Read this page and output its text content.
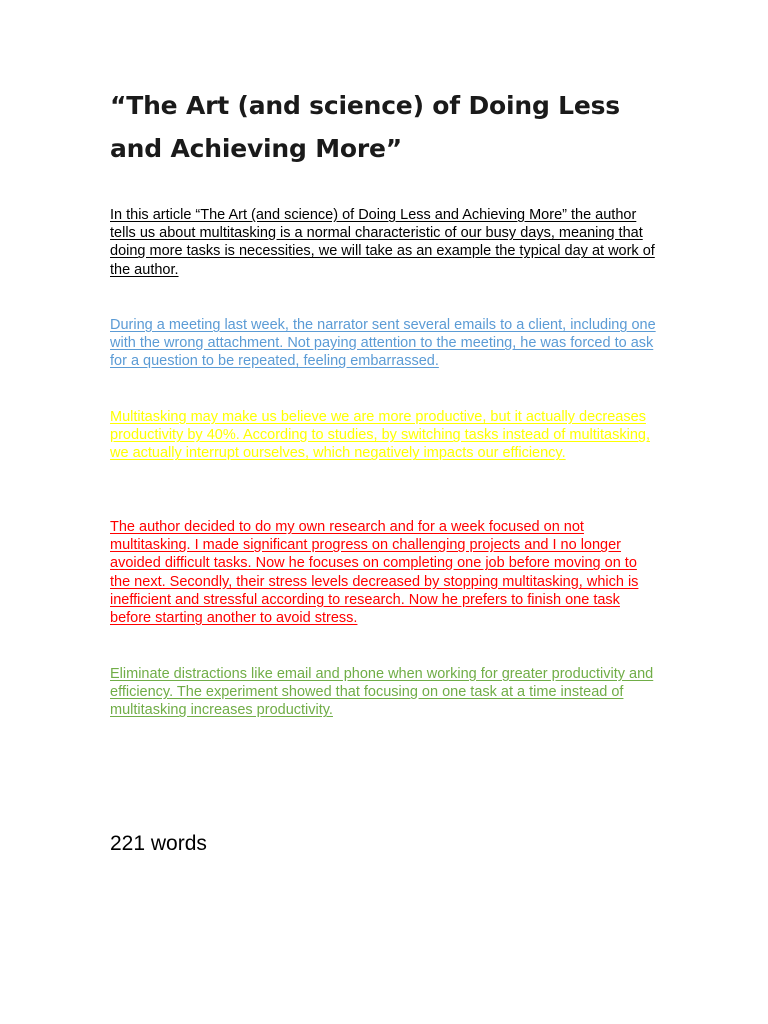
“The Art (and science) of Doing Less and Achieving More”

In this article “The Art (and science) of Doing Less and Achieving More” the author tells us about multitasking is a normal characteristic of our busy days, meaning that doing more tasks is necessities, we will take as an example the typical day at work of the author.

During a meeting last week, the narrator sent several emails to a client, including one with the wrong attachment. Not paying attention to the meeting, he was forced to ask for a question to be repeated, feeling embarrassed.

Multitasking may make us believe we are more productive, but it actually decreases productivity by 40%. According to studies, by switching tasks instead of multitasking, we actually interrupt ourselves, which negatively impacts our efficiency.

The author decided to do my own research and for a week focused on not multitasking. I made significant progress on challenging projects and I no longer avoided difficult tasks. Now he focuses on completing one job before moving on to the next. Secondly, their stress levels decreased by stopping multitasking, which is inefficient and stressful according to research. Now he prefers to finish one task before starting another to avoid stress.

Eliminate distractions like email and phone when working for greater productivity and efficiency. The experiment showed that focusing on one task at a time instead of multitasking increases productivity.

221 words
